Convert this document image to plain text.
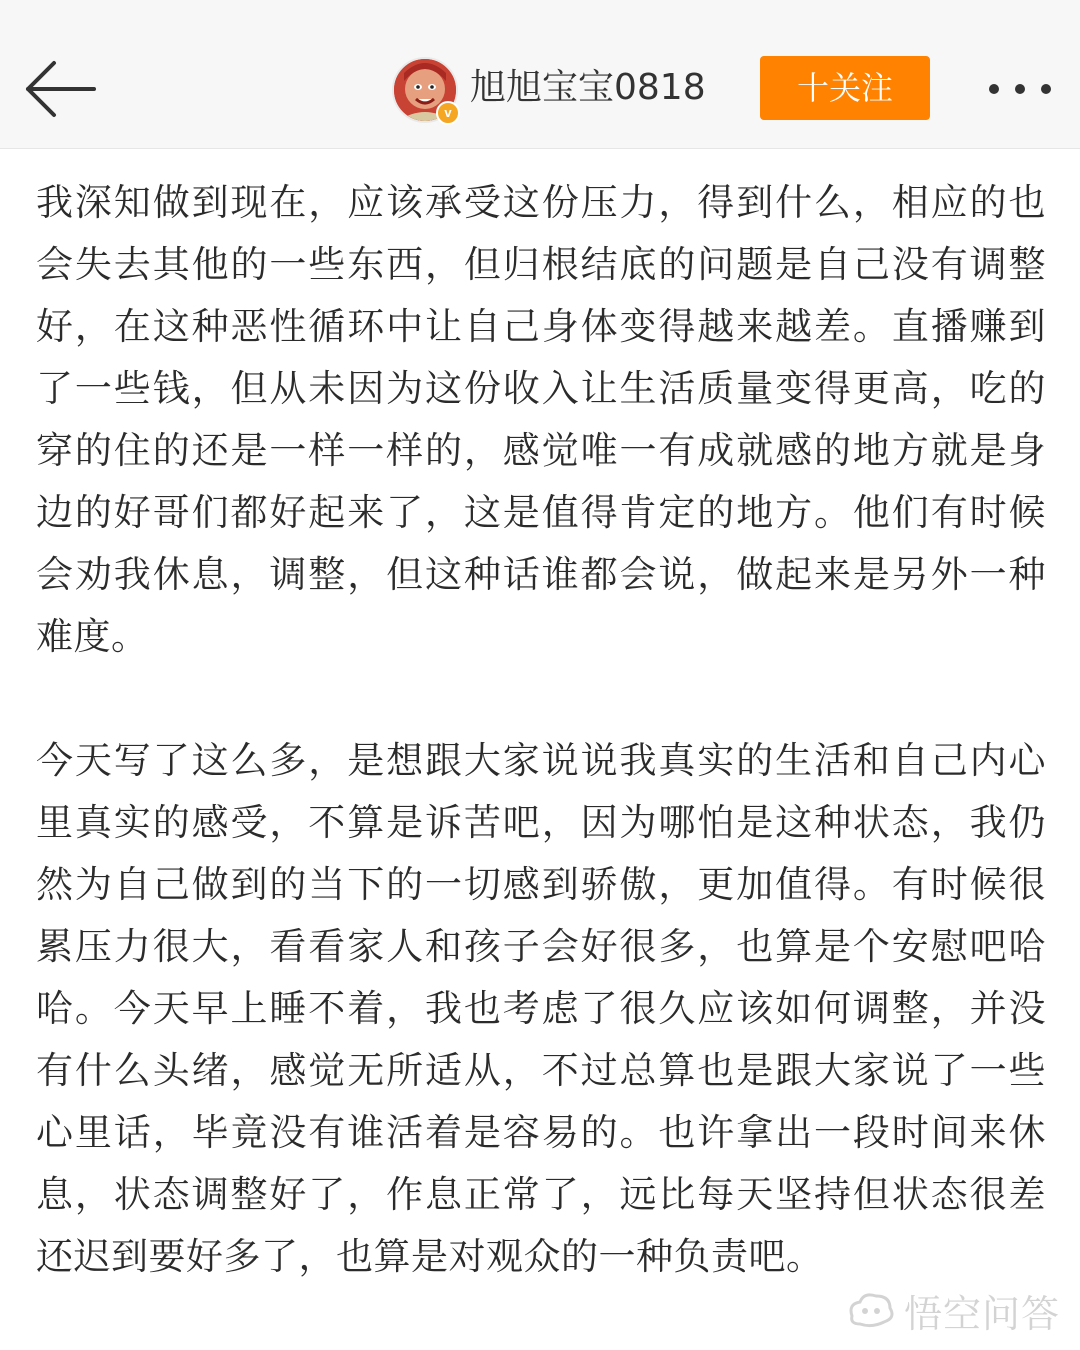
v
旭旭宝宝0818	十关注

我深知做到现在，应该承受这份压力，得到什么，相应的也会失去其他的一些东西，但归根结底的问题是自己没有调整好，在这种恶性循环中让自己身体变得越来越差。直播赚到了一些钱，但从未因为这份收入让生活质量变得更高，吃的穿的住的还是一样一样的，感觉唯一有成就感的地方就是身边的好哥们都好起来了，这是值得肯定的地方。他们有时候会劝我休息，调整，但这种话谁都会说，做起来是另外一种难度。

今天写了这么多，是想跟大家说说我真实的生活和自己内心里真实的感受，不算是诉苦吧，因为哪怕是这种状态，我仍然为自己做到的当下的一切感到骄傲，更加值得。有时候很累压力很大，看看家人和孩子会好很多，也算是个安慰吧哈哈。今天早上睡不着，我也考虑了很久应该如何调整，并没有什么头绪，感觉无所适从，不过总算也是跟大家说了一些心里话，毕竟没有谁活着是容易的。也许拿出一段时间来休息，状态调整好了，作息正常了，远比每天坚持但状态很差还迟到要好多了，也算是对观众的一种负责吧。

悟空问答
